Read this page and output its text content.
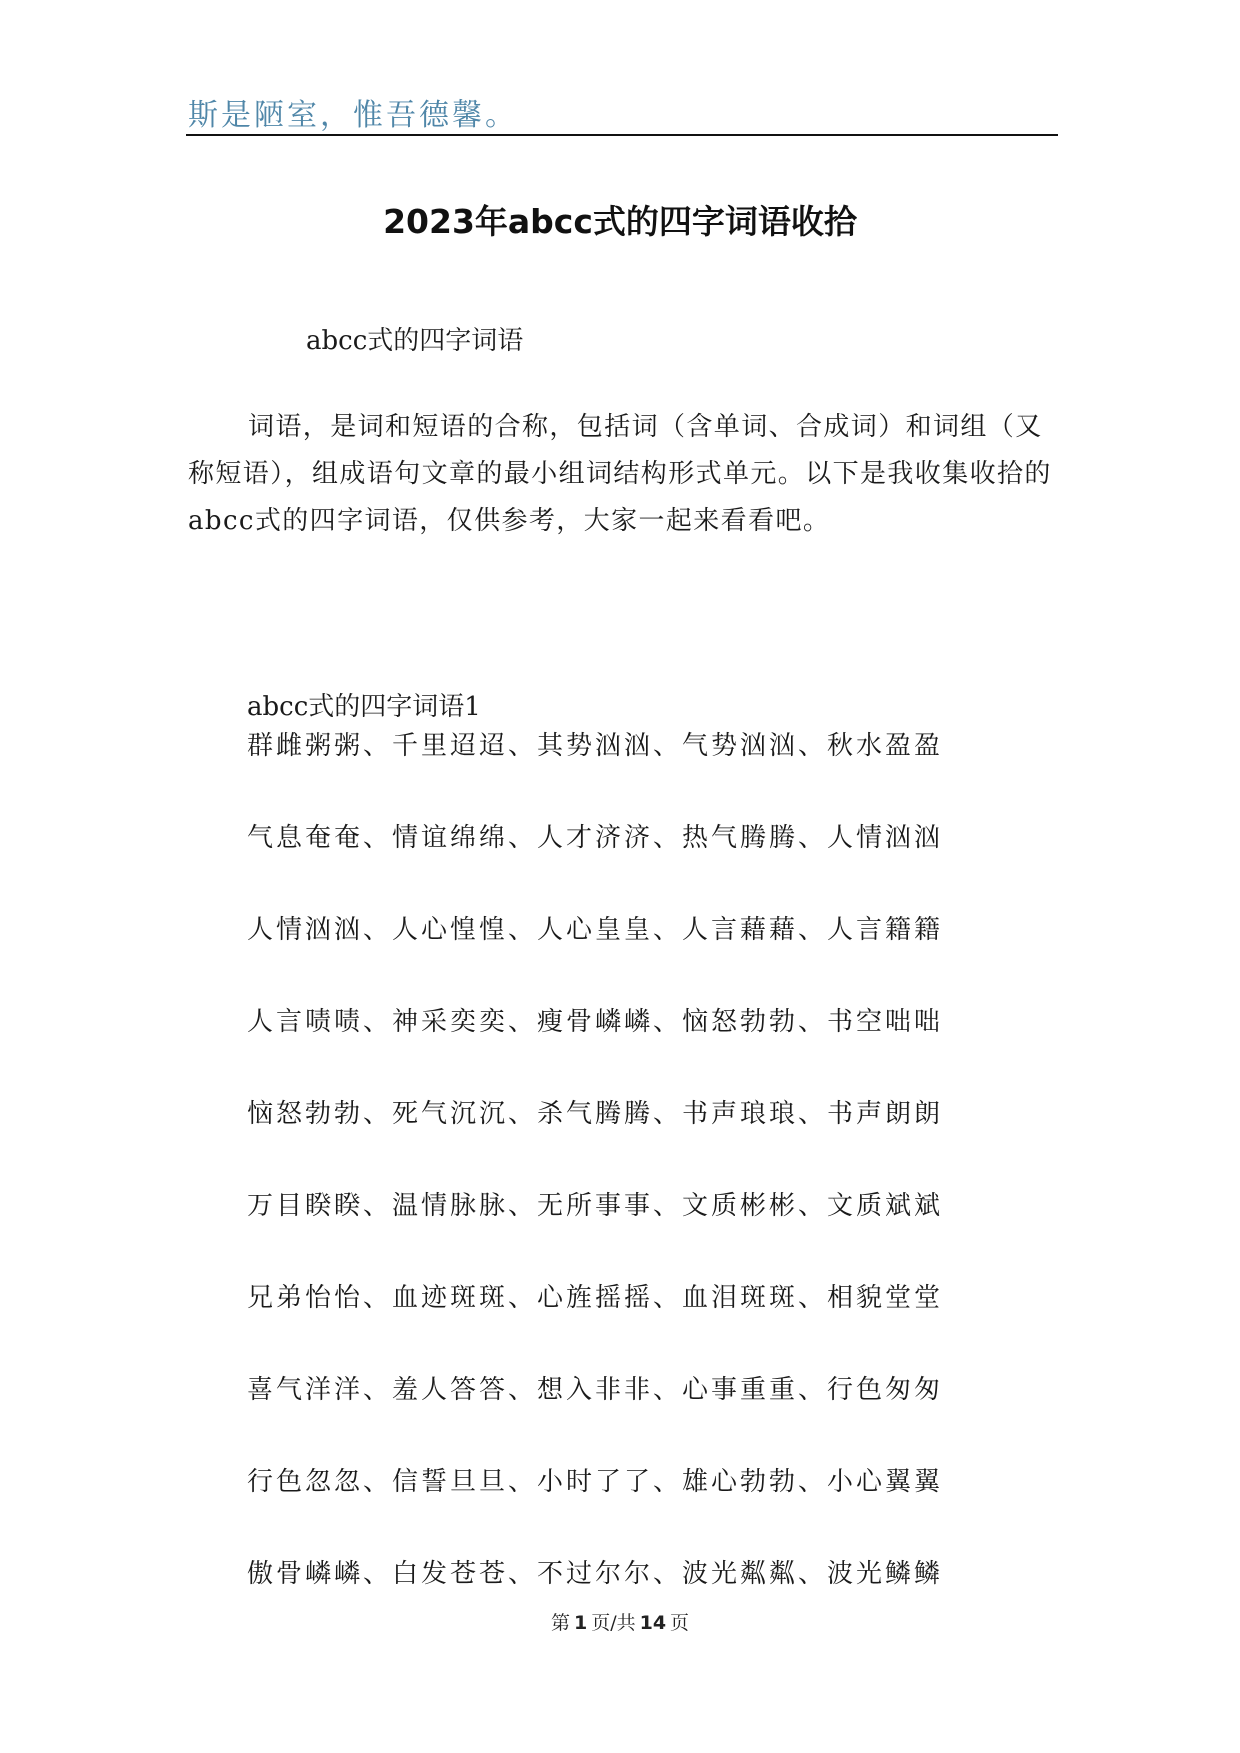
斯是陋室，惟吾德馨。
2023年abcc式的四字词语收拾
abcc式的四字词语

词语，是词和短语的合称，包括词（含单词、合成词）和词组（又称短语），组成语句文章的最小组词结构形式单元。以下是我收集收拾的abcc式的四字词语，仅供参考，大家一起来看看吧。

abcc式的四字词语1
群雌粥粥、千里迢迢、其势汹汹、气势汹汹、秋水盈盈
气息奄奄、情谊绵绵、人才济济、热气腾腾、人情汹汹
人情汹汹、人心惶惶、人心皇皇、人言藉藉、人言籍籍
人言啧啧、神采奕奕、瘦骨嶙嶙、恼怒勃勃、书空咄咄
恼怒勃勃、死气沉沉、杀气腾腾、书声琅琅、书声朗朗
万目睽睽、温情脉脉、无所事事、文质彬彬、文质斌斌
兄弟怡怡、血迹斑斑、心旌摇摇、血泪斑斑、相貌堂堂
喜气洋洋、羞人答答、想入非非、心事重重、行色匆匆
行色忽忽、信誓旦旦、小时了了、雄心勃勃、小心翼翼
傲骨嶙嶙、白发苍苍、不过尔尔、波光粼粼、波光鳞鳞
第 1 页/共 14 页
